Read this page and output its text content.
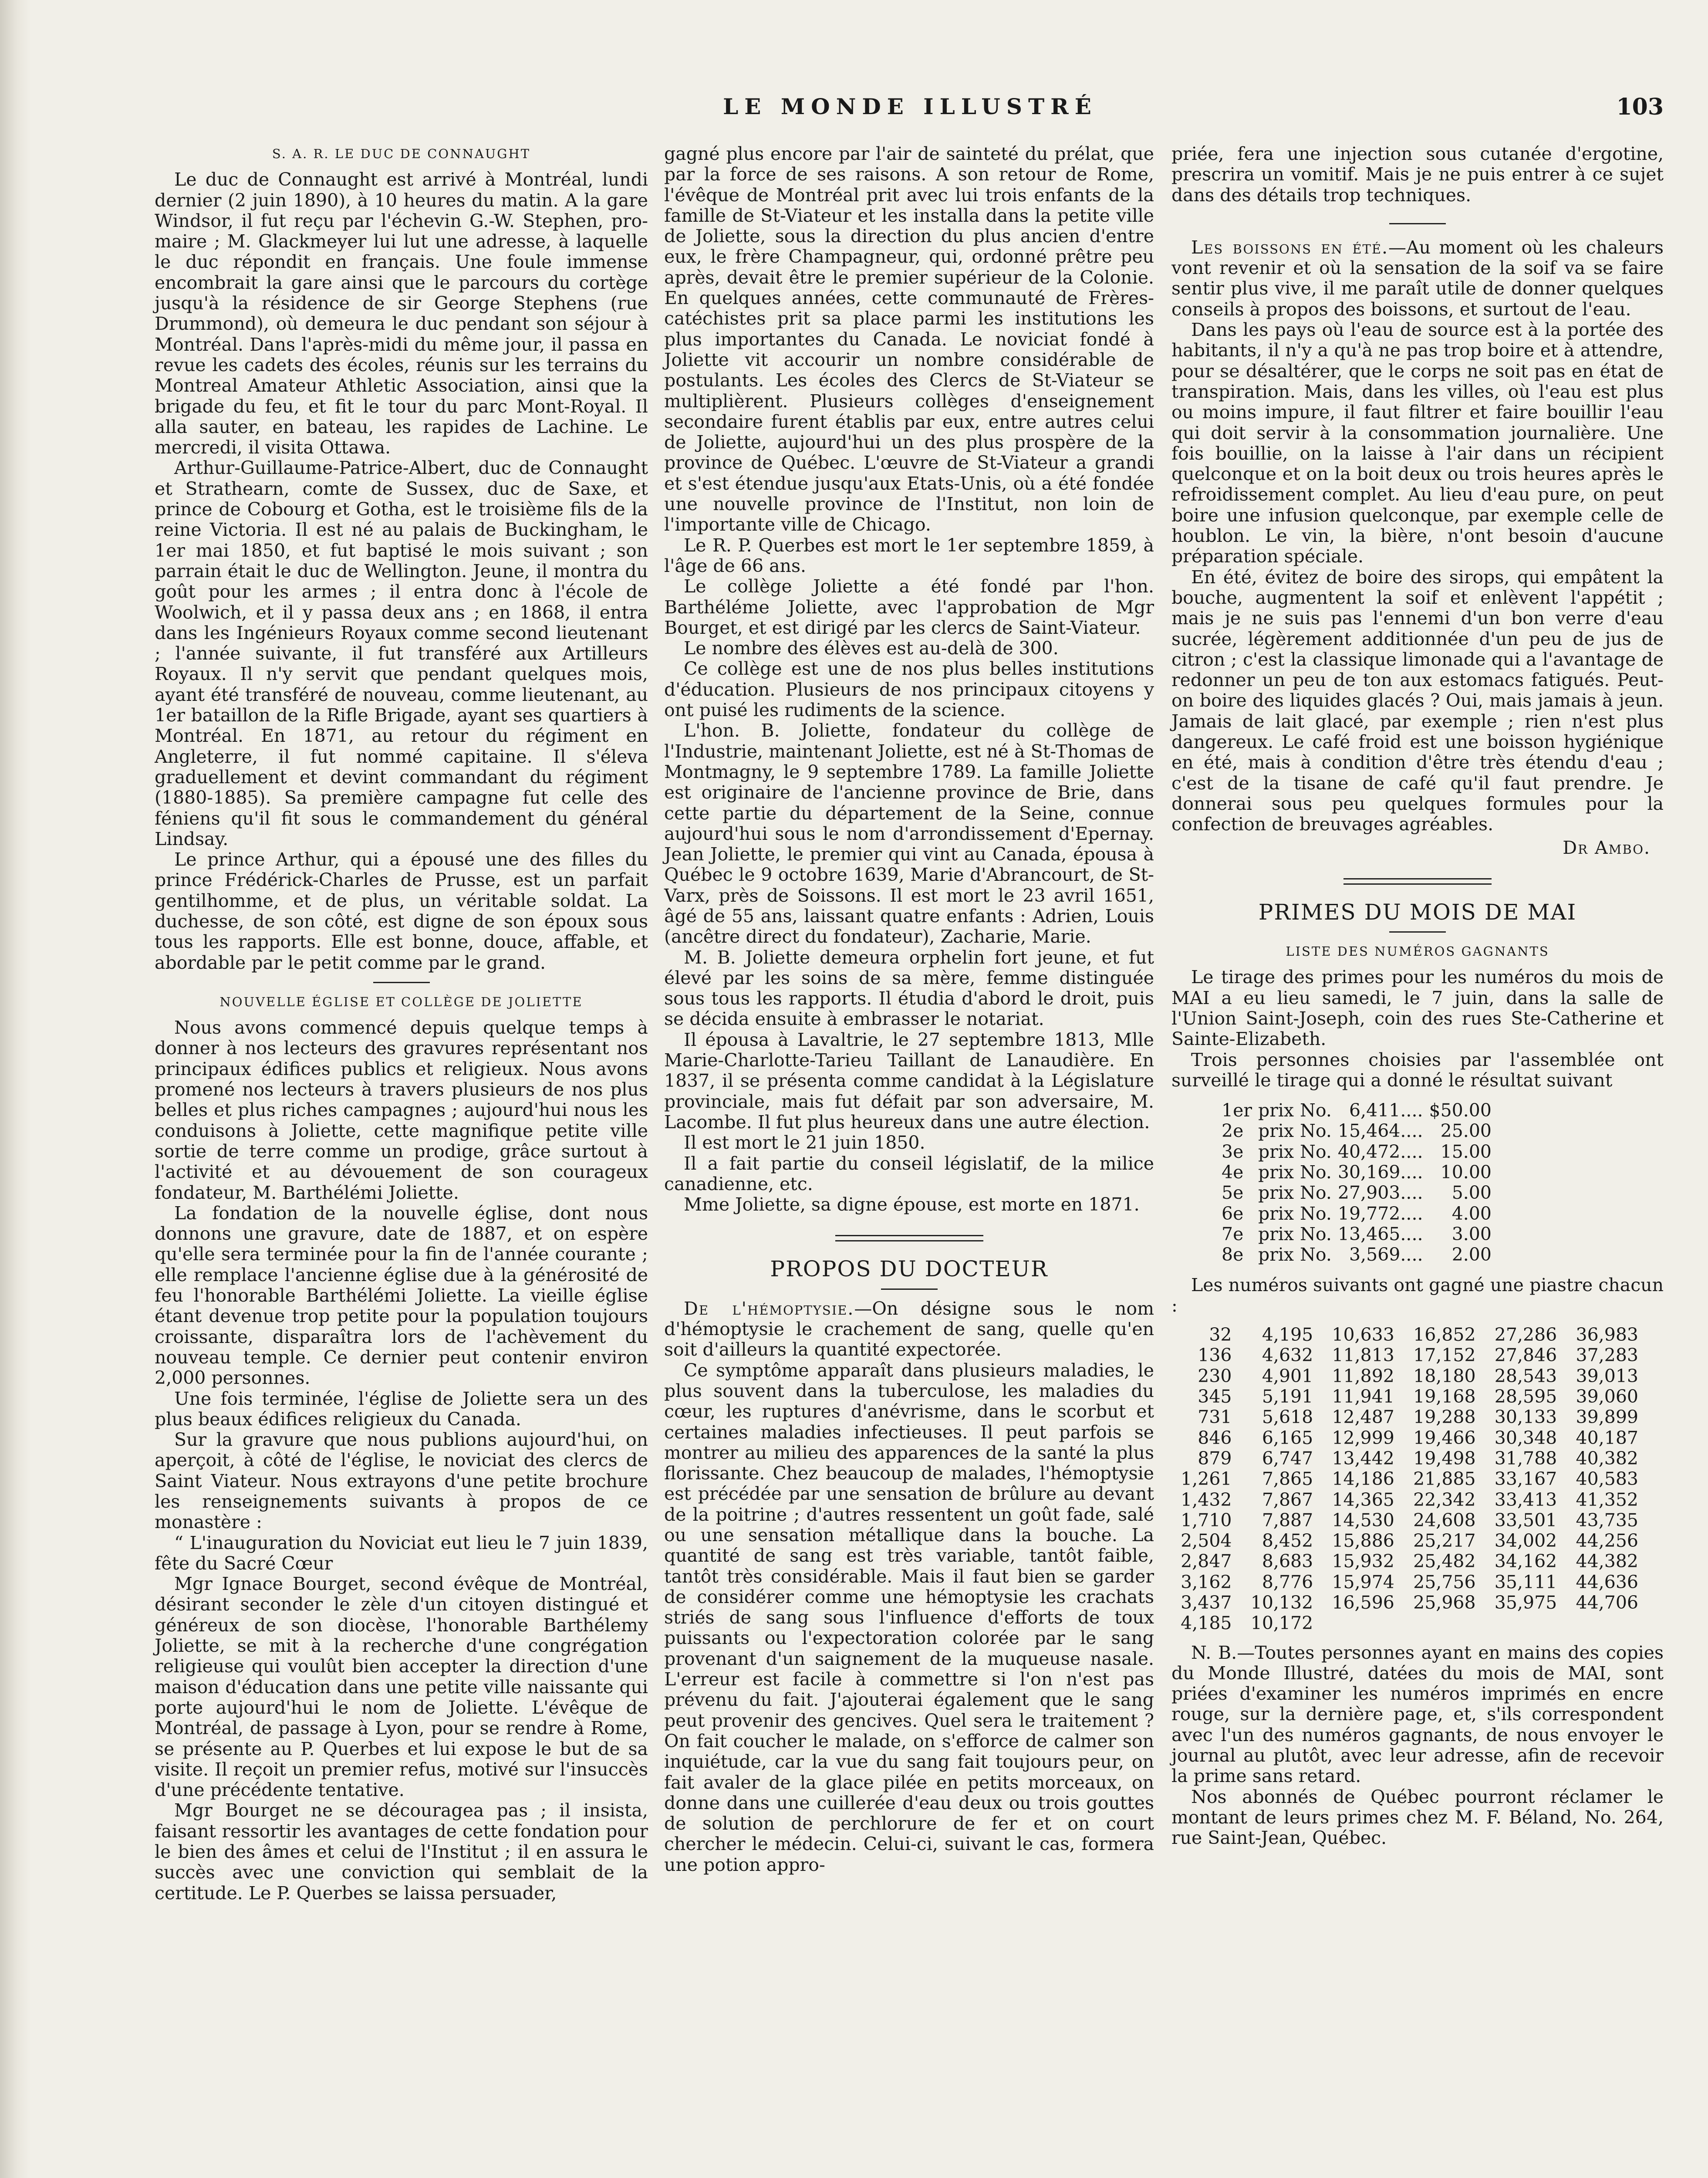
LE MONDE ILLUSTRÉ	103
S. A. R. LE DUC DE CONNAUGHT

Le duc de Connaught est arrivé à Montréal, lundi dernier (2 juin 1890), à 10 heures du matin. A la gare Windsor, il fut reçu par l'échevin G.-W. Stephen, pro-maire ; M. Glackmeyer lui lut une adresse, à laquelle le duc répondit en français. Une foule immense encombrait la gare ainsi que le parcours du cortège jusqu'à la résidence de sir George Stephens (rue Drummond), où demeura le duc pendant son séjour à Montréal. Dans l'après-midi du même jour, il passa en revue les cadets des écoles, réunis sur les terrains du Montreal Amateur Athletic Association, ainsi que la brigade du feu, et fit le tour du parc Mont-Royal. Il alla sauter, en bateau, les rapides de Lachine. Le mercredi, il visita Ottawa.

Arthur-Guillaume-Patrice-Albert, duc de Connaught et Strathearn, comte de Sussex, duc de Saxe, et prince de Cobourg et Gotha, est le troisième fils de la reine Victoria. Il est né au palais de Buckingham, le 1er mai 1850, et fut baptisé le mois suivant ; son parrain était le duc de Wellington. Jeune, il montra du goût pour les armes ; il entra donc à l'école de Woolwich, et il y passa deux ans ; en 1868, il entra dans les Ingénieurs Royaux comme second lieutenant ; l'année suivante, il fut transféré aux Artilleurs Royaux. Il n'y servit que pendant quelques mois, ayant été transféré de nouveau, comme lieutenant, au 1er bataillon de la Rifle Brigade, ayant ses quartiers à Montréal. En 1871, au retour du régiment en Angleterre, il fut nommé capitaine. Il s'éleva graduellement et devint commandant du régiment (1880-1885). Sa première campagne fut celle des féniens qu'il fit sous le commandement du général Lindsay.

Le prince Arthur, qui a épousé une des filles du prince Frédérick-Charles de Prusse, est un parfait gentilhomme, et de plus, un véritable soldat. La duchesse, de son côté, est digne de son époux sous tous les rapports. Elle est bonne, douce, affable, et abordable par le petit comme par le grand.

NOUVELLE ÉGLISE ET COLLÈGE DE JOLIETTE

Nous avons commencé depuis quelque temps à donner à nos lecteurs des gravures représentant nos principaux édifices publics et religieux. Nous avons promené nos lecteurs à travers plusieurs de nos plus belles et plus riches campagnes ; aujourd'hui nous les conduisons à Joliette, cette magnifique petite ville sortie de terre comme un prodige, grâce surtout à l'activité et au dévouement de son courageux fondateur, M. Barthélémi Joliette.

La fondation de la nouvelle église, dont nous donnons une gravure, date de 1887, et on espère qu'elle sera terminée pour la fin de l'année courante ; elle remplace l'ancienne église due à la générosité de feu l'honorable Barthélémi Joliette. La vieille église étant devenue trop petite pour la population toujours croissante, disparaîtra lors de l'achèvement du nouveau temple. Ce dernier peut contenir environ 2,000 personnes.

Une fois terminée, l'église de Joliette sera un des plus beaux édifices religieux du Canada.

Sur la gravure que nous publions aujourd'hui, on aperçoit, à côté de l'église, le noviciat des clercs de Saint Viateur. Nous extrayons d'une petite brochure les renseignements suivants à propos de ce monastère :

“ L'inauguration du Noviciat eut lieu le 7 juin 1839, fête du Sacré Cœur

Mgr Ignace Bourget, second évêque de Montréal, désirant seconder le zèle d'un citoyen distingué et généreux de son diocèse, l'honorable Barthélemy Joliette, se mit à la recherche d'une congrégation religieuse qui voulût bien accepter la direction d'une maison d'éducation dans une petite ville naissante qui porte aujourd'hui le nom de Joliette. L'évêque de Montréal, de passage à Lyon, pour se rendre à Rome, se présente au P. Querbes et lui expose le but de sa visite. Il reçoit un premier refus, motivé sur l'insuccès d'une précédente tentative.

Mgr Bourget ne se découragea pas ; il insista, faisant ressortir les avantages de cette fondation pour le bien des âmes et celui de l'Institut ; il en assura le succès avec une conviction qui semblait de la certitude. Le P. Querbes se laissa persuader,

gagné plus encore par l'air de sainteté du prélat, que par la force de ses raisons. A son retour de Rome, l'évêque de Montréal prit avec lui trois enfants de la famille de St-Viateur et les installa dans la petite ville de Joliette, sous la direction du plus ancien d'entre eux, le frère Champagneur, qui, ordonné prêtre peu après, devait être le premier supérieur de la Colonie. En quelques années, cette communauté de Frères-catéchistes prit sa place parmi les institutions les plus importantes du Canada. Le noviciat fondé à Joliette vit accourir un nombre considérable de postulants. Les écoles des Clercs de St-Viateur se multiplièrent. Plusieurs collèges d'enseignement secondaire furent établis par eux, entre autres celui de Joliette, aujourd'hui un des plus prospère de la province de Québec. L'œuvre de St-Viateur a grandi et s'est étendue jusqu'aux Etats-Unis, où a été fondée une nouvelle province de l'Institut, non loin de l'importante ville de Chicago.

Le R. P. Querbes est mort le 1er septembre 1859, à l'âge de 66 ans.

Le collège Joliette a été fondé par l'hon. Barthéléme Joliette, avec l'approbation de Mgr Bourget, et est dirigé par les clercs de Saint-Viateur.

Le nombre des élèves est au-delà de 300.

Ce collège est une de nos plus belles institutions d'éducation. Plusieurs de nos principaux citoyens y ont puisé les rudiments de la science.

L'hon. B. Joliette, fondateur du collège de l'Industrie, maintenant Joliette, est né à St-Thomas de Montmagny, le 9 septembre 1789. La famille Joliette est originaire de l'ancienne province de Brie, dans cette partie du département de la Seine, connue aujourd'hui sous le nom d'arrondissement d'Epernay. Jean Joliette, le premier qui vint au Canada, épousa à Québec le 9 octobre 1639, Marie d'Abrancourt, de St-Varx, près de Soissons. Il est mort le 23 avril 1651, âgé de 55 ans, laissant quatre enfants : Adrien, Louis (ancêtre direct du fondateur), Zacharie, Marie.

M. B. Joliette demeura orphelin fort jeune, et fut élevé par les soins de sa mère, femme distinguée sous tous les rapports. Il étudia d'abord le droit, puis se décida ensuite à embrasser le notariat.

Il épousa à Lavaltrie, le 27 septembre 1813, Mlle Marie-Charlotte-Tarieu Taillant de Lanaudière. En 1837, il se présenta comme candidat à la Législature provinciale, mais fut défait par son adversaire, M. Lacombe. Il fut plus heureux dans une autre élection.

Il est mort le 21 juin 1850.

Il a fait partie du conseil législatif, de la milice canadienne, etc.

Mme Joliette, sa digne épouse, est morte en 1871.

PROPOS DU DOCTEUR

De l'hémoptysie.—On désigne sous le nom d'hémoptysie le crachement de sang, quelle qu'en soit d'ailleurs la quantité expectorée.

Ce symptôme apparaît dans plusieurs maladies, le plus souvent dans la tuberculose, les maladies du cœur, les ruptures d'anévrisme, dans le scorbut et certaines maladies infectieuses. Il peut parfois se montrer au milieu des apparences de la santé la plus florissante. Chez beaucoup de malades, l'hémoptysie est précédée par une sensation de brûlure au devant de la poitrine ; d'autres ressentent un goût fade, salé ou une sensation métallique dans la bouche. La quantité de sang est très variable, tantôt faible, tantôt très considérable. Mais il faut bien se garder de considérer comme une hémoptysie les crachats striés de sang sous l'influence d'efforts de toux puissants ou l'expectoration colorée par le sang provenant d'un saignement de la muqueuse nasale. L'erreur est facile à commettre si l'on n'est pas prévenu du fait. J'ajouterai également que le sang peut provenir des gencives. Quel sera le traitement ? On fait coucher le malade, on s'efforce de calmer son inquiétude, car la vue du sang fait toujours peur, on fait avaler de la glace pilée en petits morceaux, on donne dans une cuillerée d'eau deux ou trois gouttes de solution de perchlorure de fer et on court chercher le médecin. Celui-ci, suivant le cas, formera une potion appro-

priée, fera une injection sous cutanée d'ergotine, prescrira un vomitif. Mais je ne puis entrer à ce sujet dans des détails trop techniques.

Les boissons en été.—Au moment où les chaleurs vont revenir et où la sensation de la soif va se faire sentir plus vive, il me paraît utile de donner quelques conseils à propos des boissons, et surtout de l'eau.

Dans les pays où l'eau de source est à la portée des habitants, il n'y a qu'à ne pas trop boire et à attendre, pour se désaltérer, que le corps ne soit pas en état de transpiration. Mais, dans les villes, où l'eau est plus ou moins impure, il faut filtrer et faire bouillir l'eau qui doit servir à la consommation journalière. Une fois bouillie, on la laisse à l'air dans un récipient quelconque et on la boit deux ou trois heures après le refroidissement complet. Au lieu d'eau pure, on peut boire une infusion quelconque, par exemple celle de houblon. Le vin, la bière, n'ont besoin d'aucune préparation spéciale.

En été, évitez de boire des sirops, qui empâtent la bouche, augmentent la soif et enlèvent l'appétit ; mais je ne suis pas l'ennemi d'un bon verre d'eau sucrée, légèrement additionnée d'un peu de jus de citron ; c'est la classique limonade qui a l'avantage de redonner un peu de ton aux estomacs fatigués. Peut-on boire des liquides glacés ? Oui, mais jamais à jeun. Jamais de lait glacé, par exemple ; rien n'est plus dangereux. Le café froid est une boisson hygiénique en été, mais à condition d'être très étendu d'eau ; c'est de la tisane de café qu'il faut prendre. Je donnerai sous peu quelques formules pour la confection de breuvages agréables.

Dr Ambo.
PRIMES DU MOIS DE MAI
LISTE DES NUMÉROS GAGNANTS

Le tirage des primes pour les numéros du mois de MAI a eu lieu samedi, le 7 juin, dans la salle de l'Union Saint-Joseph, coin des rues Ste-Catherine et Sainte-Elizabeth.

Trois personnes choisies par l'assemblée ont surveillé le tirage qui a donné le résultat suivant

1er	prix	No.	6,411....	$50.00
2e	prix	No.	15,464....	25.00
3e	prix	No.	40,472....	15.00
4e	prix	No.	30,169....	10.00
5e	prix	No.	27,903....	5.00
6e	prix	No.	19,772....	4.00
7e	prix	No.	13,465....	3.00
8e	prix	No.	3,569....	2.00

Les numéros suivants ont gagné une piastre chacun :

32	4,195	10,633	16,852	27,286	36,983
136	4,632	11,813	17,152	27,846	37,283
230	4,901	11,892	18,180	28,543	39,013
345	5,191	11,941	19,168	28,595	39,060
731	5,618	12,487	19,288	30,133	39,899
846	6,165	12,999	19,466	30,348	40,187
879	6,747	13,442	19,498	31,788	40,382
1,261	7,865	14,186	21,885	33,167	40,583
1,432	7,867	14,365	22,342	33,413	41,352
1,710	7,887	14,530	24,608	33,501	43,735
2,504	8,452	15,886	25,217	34,002	44,256
2,847	8,683	15,932	25,482	34,162	44,382
3,162	8,776	15,974	25,756	35,111	44,636
3,437	10,132	16,596	25,968	35,975	44,706
4,185	10,172				

N. B.—Toutes personnes ayant en mains des copies du Monde Illustré, datées du mois de MAI, sont priées d'examiner les numéros imprimés en encre rouge, sur la dernière page, et, s'ils correspondent avec l'un des numéros gagnants, de nous envoyer le journal au plutôt, avec leur adresse, afin de recevoir la prime sans retard.

Nos abonnés de Québec pourront réclamer le montant de leurs primes chez M. F. Béland, No. 264, rue Saint-Jean, Québec.
